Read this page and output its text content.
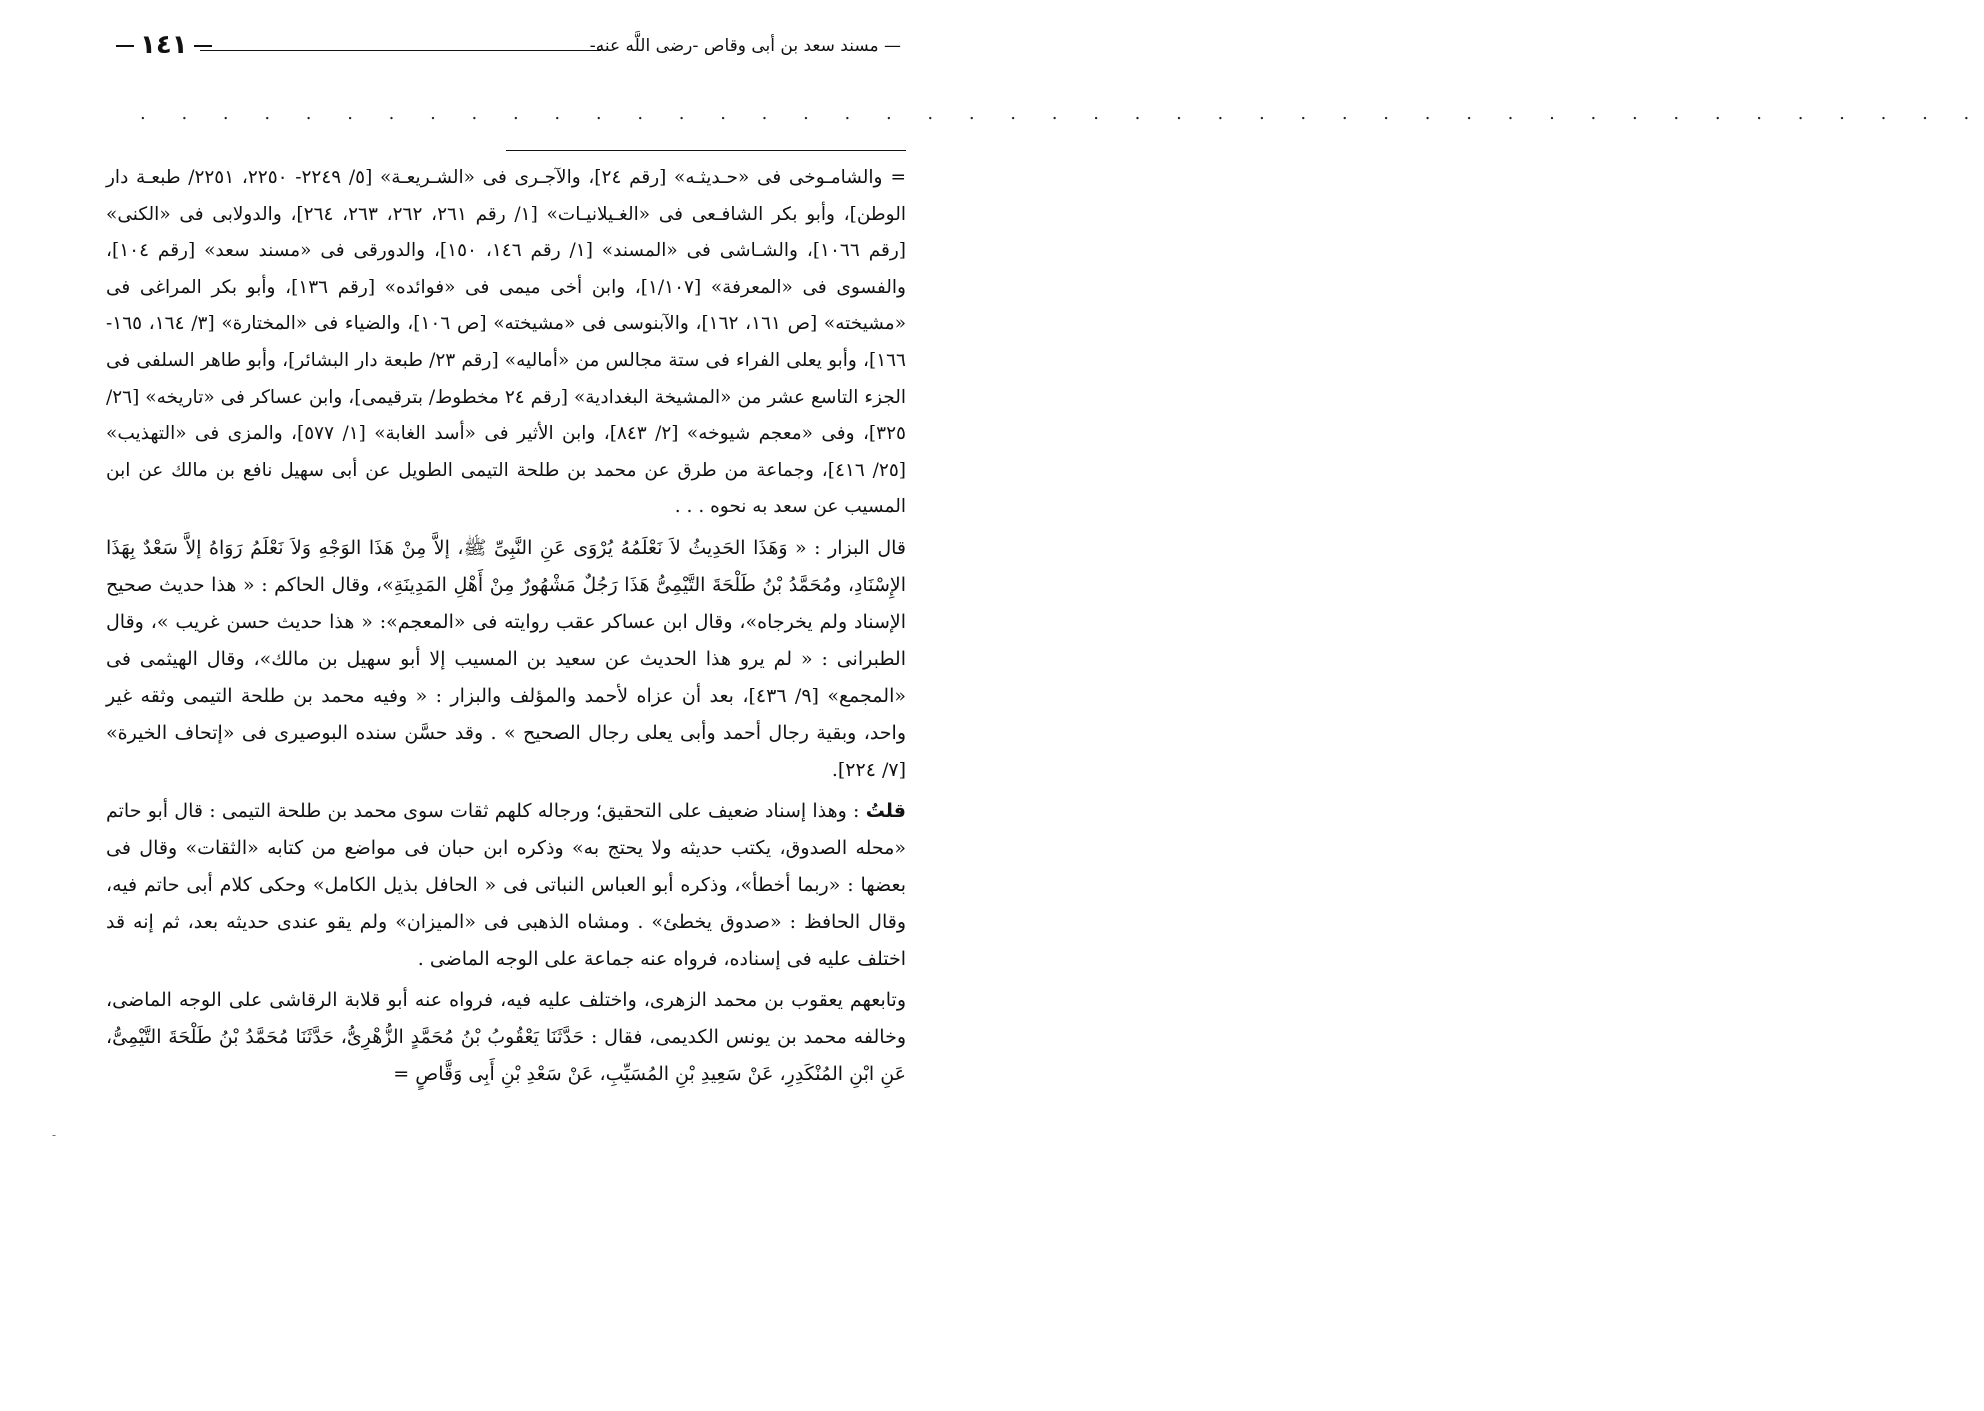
١٤١	— مسند سعد بن أبى وقاص -رضى اللَّه عنه-
. . . . . . . . . . . . . . . . . . . . . . . . . . . . . . . . . . . . . . . . . . . . .

=والشامـوخى فى «حـديثـه» [رقم ٢٤]، والآجـرى فى «الشـريعـة» [٥/ ٢٢٤٩- ٢٢٥٠، ٢٢٥١/ طبعـة دار الوطن]، وأبو بكر الشافـعى فى «الغـيلانيـات» [١/ رقم ٢٦١، ٢٦٢، ٢٦٣، ٢٦٤]، والدولابى فى «الكنى» [رقم ١٠٦٦]، والشـاشى فى «المسند» [١/ رقم ١٤٦، ١٥٠]، والدورقى فى «مسند سعد» [رقم ١٠٤]، والفسوى فى «المعرفة» [١/١٠٧]، وابن أخى ميمى فى «فوائده» [رقم ١٣٦]، وأبو بكر المراغى فى «مشيخته» [ص ١٦١، ١٦٢]، والآبنوسى فى «مشيخته» [ص ١٠٦]، والضياء فى «المختارة» [٣/ ١٦٤، ١٦٥- ١٦٦]، وأبو يعلى الفراء فى ستة مجالس من «أماليه» [رقم ٢٣/ طبعة دار البشائر]، وأبو طاهر السلفى فى الجزء التاسع عشر من «المشيخة البغدادية» [رقم ٢٤ مخطوط/ بترقيمى]، وابن عساكر فى «تاريخه» [٢٦/ ٣٢٥]، وفى «معجم شيوخه» [٢/ ٨٤٣]، وابن الأثير فى «أسد الغابة» [١/ ٥٧٧]، والمزى فى «التهذيب» [٢٥/ ٤١٦]، وجماعة من طرق عن محمد بن طلحة التيمى الطويل عن أبى سهيل نافع بن مالك عن ابن المسيب عن سعد به نحوه . . .

قال البزار : « وَهَذَا الحَدِيثُ لاَ نَعْلَمُهُ يُرْوَى عَنِ النَّبِىِّ ﷺ، إلاَّ مِنْ هَذَا الوَجْهِ وَلاَ نَعْلَمُ رَوَاهُ إلاَّ سَعْدٌ بِهَذَا الإِسْنَادِ، ومُحَمَّدُ بْنُ طَلْحَةَ التَّيْمِىُّ هَذَا رَجُلٌ مَشْهُورٌ مِنْ أَهْلِ المَدِينَةِ»، وقال الحاكم : « هذا حديث صحيح الإسناد ولم يخرجاه»، وقال ابن عساكر عقب روايته فى «المعجم»: « هذا حديث حسن غريب »، وقال الطبرانى : « لم يرو هذا الحديث عن سعيد بن المسيب إلا أبو سهيل بن مالك»، وقال الهيثمى فى «المجمع» [٩/ ٤٣٦]، بعد أن عزاه لأحمد والمؤلف والبزار : « وفيه محمد بن طلحة التيمى وثقه غير واحد، وبقية رجال أحمد وأبى يعلى رجال الصحيح » . وقد حسَّن سنده البوصيرى فى «إتحاف الخيرة» [٧/ ٢٢٤].

قلتُ : وهذا إسناد ضعيف على التحقيق؛ ورجاله كلهم ثقات سوى محمد بن طلحة التيمى : قال أبو حاتم «محله الصدوق، يكتب حديثه ولا يحتج به» وذكره ابن حبان فى مواضع من كتابه «الثقات» وقال فى بعضها : «ربما أخطأ»، وذكره أبو العباس النباتى فى « الحافل بذيل الكامل» وحكى كلام أبى حاتم فيه، وقال الحافظ : «صدوق يخطئ» . ومشاه الذهبى فى «الميزان» ولم يقو عندى حديثه بعد، ثم إنه قد اختلف عليه فى إسناده، فرواه عنه جماعة على الوجه الماضى .

وتابعهم يعقوب بن محمد الزهرى، واختلف عليه فيه، فرواه عنه أبو قلابة الرقاشى على الوجه الماضى، وخالفه محمد بن يونس الكديمى، فقال : حَدَّثَنَا يَعْقُوبُ بْنُ مُحَمَّدٍ الزُّهْرِىُّ، حَدَّثَنَا مُحَمَّدُ بْنُ طَلْحَةَ التَّيْمِىُّ، عَنِ ابْنِ المُنْكَدِرِ، عَنْ سَعِيدِ بْنِ المُسَيِّبِ، عَنْ سَعْدِ بْنِ أَبِى وَقَّاصٍ =

-
